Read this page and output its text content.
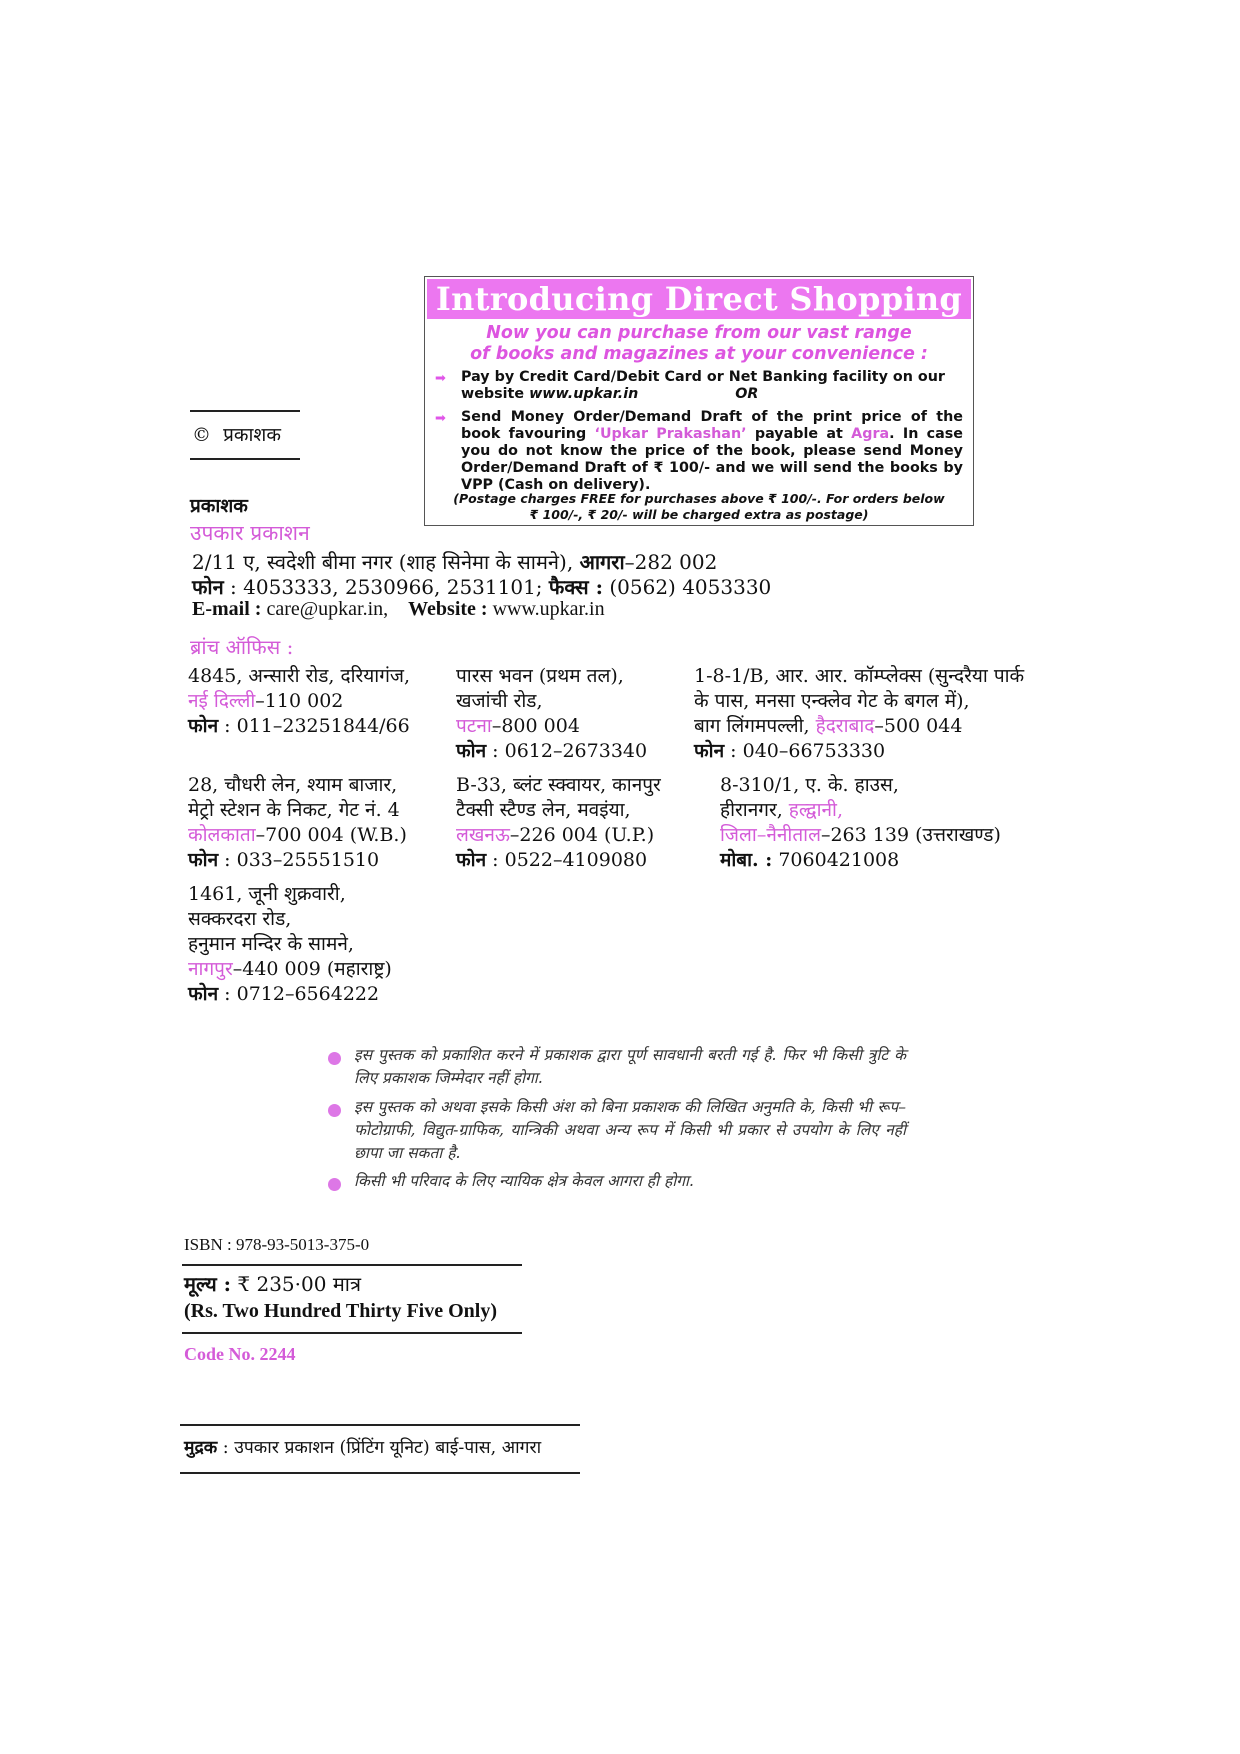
© प्रकाशक
Introducing Direct Shopping
Now you can purchase from our vast range
of books and magazines at your convenience :
➡	Pay by Credit Card/Debit Card or Net Banking facility on our
website www.upkar.in	OR
➡	Send Money Order/Demand Draft of the print price of the book favouring ‘Upkar Prakashan’ payable at Agra. In case you do not know the price of the book, please send Money Order/Demand Draft of ₹ 100/- and we will send the books by VPP (Cash on delivery).
(Postage charges FREE for purchases above ₹ 100/-. For orders below
₹ 100/-, ₹ 20/- will be charged extra as postage)
प्रकाशक
उपकार प्रकाशन
2/11 ए, स्वदेशी बीमा नगर (शाह सिनेमा के सामने), आगरा–282 002
फोन : 4053333, 2530966, 2531101; फैक्स : (0562) 4053330
E-mail : care@upkar.in, Website : www.upkar.in
ब्रांच ऑफिस :
4845, अन्सारी रोड, दरियागंज,
नई दिल्ली–110 002
फोन : 011–23251844/66
पारस भवन (प्रथम तल),
खजांची रोड,
पटना–800 004
फोन : 0612–2673340
1-8-1/B, आर. आर. कॉम्प्लेक्स (सुन्दरैया पार्क
के पास, मनसा एन्क्लेव गेट के बगल में),
बाग लिंगमपल्ली, हैदराबाद–500 044
फोन : 040–66753330
28, चौधरी लेन, श्याम बाजार,
मेट्रो स्टेशन के निकट, गेट नं. 4
कोलकाता–700 004 (W.B.)
फोन : 033–25551510
B-33, ब्लंट स्क्वायर, कानपुर
टैक्सी स्टैण्ड लेन, मवइंया,
लखनऊ–226 004 (U.P.)
फोन : 0522–4109080
8-310/1, ए. के. हाउस,
हीरानगर, हल्द्वानी,
जिला–नैनीताल–263 139 (उत्तराखण्ड)
मोबा. : 7060421008
1461, जूनी शुक्रवारी,
सक्करदरा रोड,
हनुमान मन्दिर के सामने,
नागपुर–440 009 (महाराष्ट्र)
फोन : 0712–6564222
इस पुस्तक को प्रकाशित करने में प्रकाशक द्वारा पूर्ण सावधानी बरती गई है. फिर भी किसी त्रुटि के लिए प्रकाशक जिम्मेदार नहीं होगा.
इस पुस्तक को अथवा इसके किसी अंश को बिना प्रकाशक की लिखित अनुमति के, किसी भी रूप–फोटोग्राफी, विद्युत-ग्राफिक, यान्त्रिकी अथवा अन्य रूप में किसी भी प्रकार से उपयोग के लिए नहीं छापा जा सकता है.
किसी भी परिवाद के लिए न्यायिक क्षेत्र केवल आगरा ही होगा.
ISBN : 978-93-5013-375-0
मूल्य : ₹ 235·00 मात्र
(Rs. Two Hundred Thirty Five Only)
Code No. 2244
मुद्रक : उपकार प्रकाशन (प्रिंटिंग यूनिट) बाई-पास, आगरा
